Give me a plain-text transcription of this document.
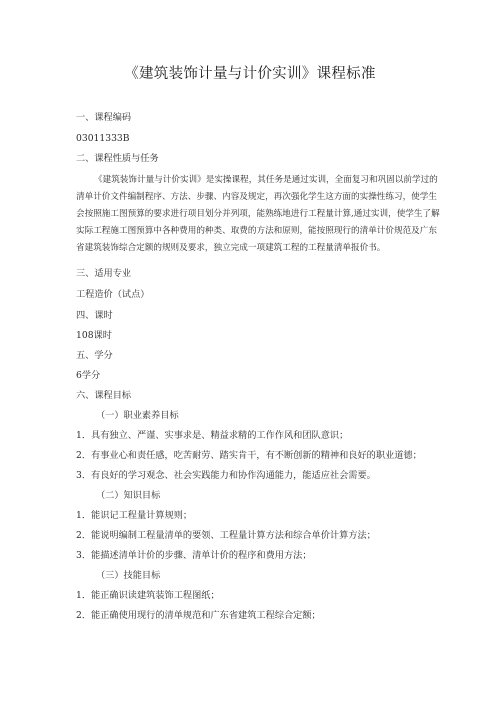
《建筑装饰计量与计价实训》课程标准
一、课程编码
03011333B
二、课程性质与任务
《建筑装饰计量与计价实训》是实操课程，其任务是通过实训，全面复习和巩固以前学过的
清单计价文件编制程序、方法、步骤、内容及规定，再次强化学生这方面的实操性练习，使学生
会按照施工图预算的要求进行项目划分并列项，能熟练地进行工程量计算,通过实训，使学生了解
实际工程施工图预算中各种费用的种类、取费的方法和原则，能按照现行的清单计价规范及广东
省建筑装饰综合定额的规则及要求，独立完成一项建筑工程的工程量清单报价书。
三、适用专业
工程造价（试点）
四、课时
108课时
五、学分
6学分
六、课程目标
（一）职业素养目标
1．具有独立、严谨、实事求是、精益求精的工作作风和团队意识；
2．有事业心和责任感，吃苦耐劳、踏实肯干，有不断创新的精神和良好的职业道德；
3．有良好的学习观念、社会实践能力和协作沟通能力，能适应社会需要。
（二）知识目标
1．能识记工程量计算规则；
2．能说明编制工程量清单的要领、工程量计算方法和综合单价计算方法；
3．能描述清单计价的步骤、清单计价的程序和费用方法；
（三）技能目标
1．能正确识读建筑装饰工程图纸；
2．能正确使用现行的清单规范和广东省建筑工程综合定额；
